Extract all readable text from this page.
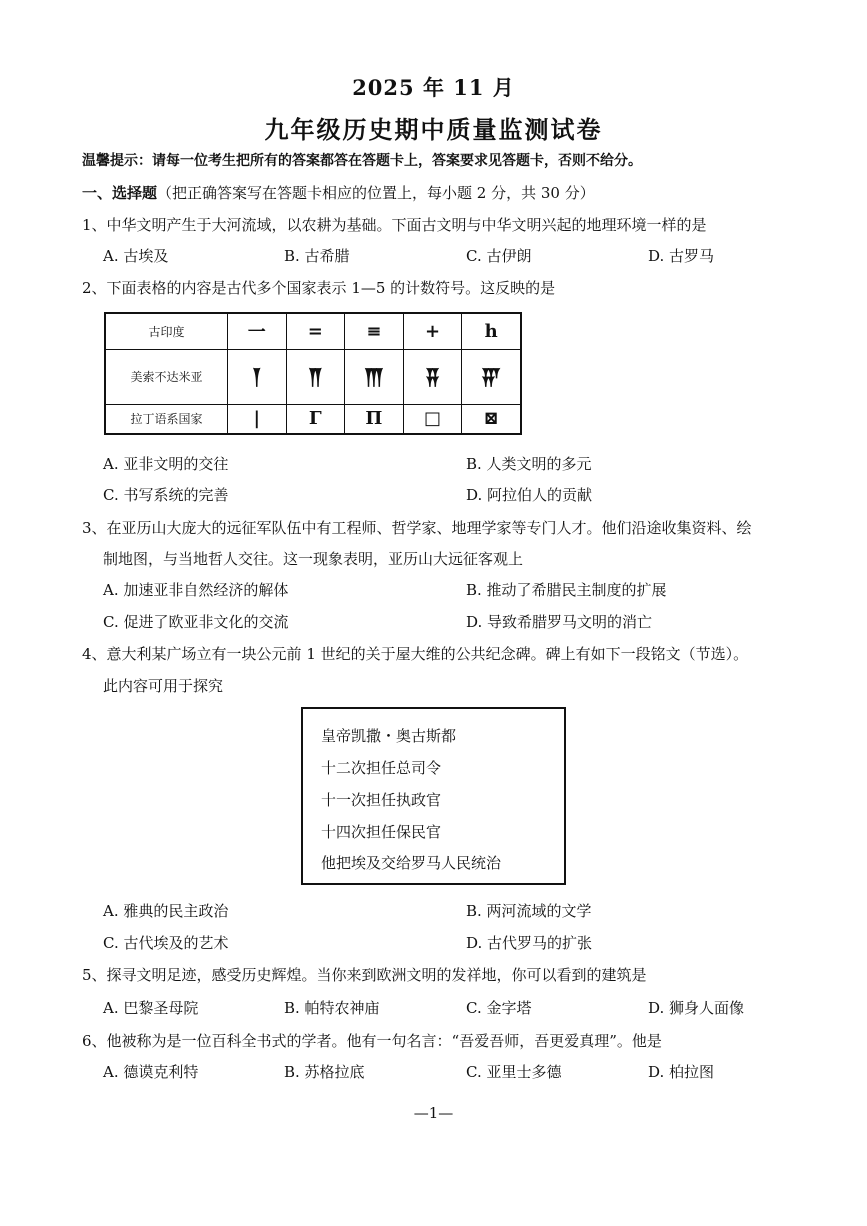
2025 年 11 月
九年级历史期中质量监测试卷
温馨提示：请每一位考生把所有的答案都答在答题卡上，答案要求见答题卡，否则不给分。
一、选择题（把正确答案写在答题卡相应的位置上，每小题 2 分，共 30 分）
1、中华文明产生于大河流域，以农耕为基础。下面古文明与中华文明兴起的地理环境一样的是
A. 古埃及	B. 古希腊	C. 古伊朗	D. 古罗马
2、下面表格的内容是古代多个国家表示 1—5 的计数符号。这反映的是
古印度	一	=	≡	+	h
美索不达米亚	𒐕	𒐖	𒐗	𒐘	𒐙
拉丁语系国家	|	Γ	П	□	⊠
A. 亚非文明的交往	B. 人类文明的多元
C. 书写系统的完善	D. 阿拉伯人的贡献
3、在亚历山大庞大的远征军队伍中有工程师、哲学家、地理学家等专门人才。他们沿途收集资料、绘
制地图，与当地哲人交往。这一现象表明，亚历山大远征客观上
A. 加速亚非自然经济的解体	B. 推动了希腊民主制度的扩展
C. 促进了欧亚非文化的交流	D. 导致希腊罗马文明的消亡
4、意大利某广场立有一块公元前 1 世纪的关于屋大维的公共纪念碑。碑上有如下一段铭文（节选）。
此内容可用于探究
皇帝凯撒・奥古斯都
十二次担任总司令
十一次担任执政官
十四次担任保民官
他把埃及交给罗马人民统治
A. 雅典的民主政治	B. 两河流域的文学
C. 古代埃及的艺术	D. 古代罗马的扩张
5、探寻文明足迹，感受历史辉煌。当你来到欧洲文明的发祥地，你可以看到的建筑是
A. 巴黎圣母院	B. 帕特农神庙	C. 金字塔	D. 狮身人面像
6、他被称为是一位百科全书式的学者。他有一句名言：“吾爱吾师，吾更爱真理”。他是
A. 德谟克利特	B. 苏格拉底	C. 亚里士多德	D. 柏拉图
—1—
